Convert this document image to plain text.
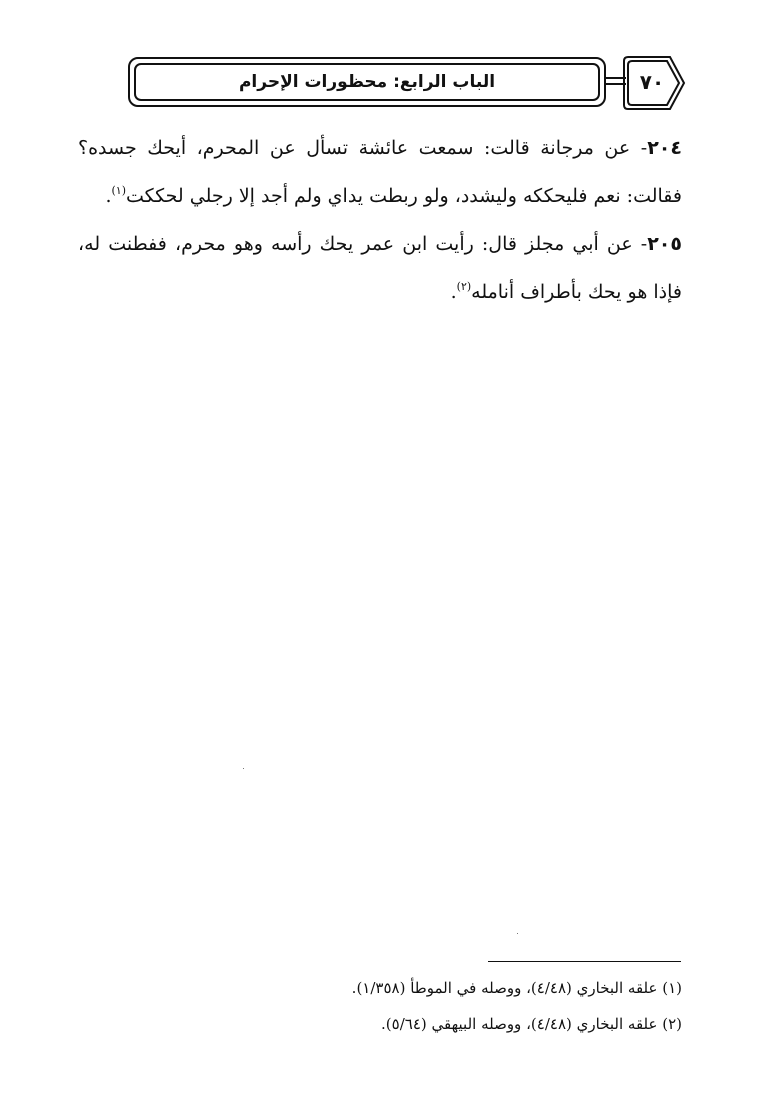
الباب الرابع: محظورات الإحرام	٧٠

٢٠٤- عن مرجانة قالت: سمعت عائشة تسأل عن المحرم، أيحك جسده؟ فقالت: نعم فليحككه وليشدد، ولو ربطت يداي ولم أجد إلا رجلي لحككت$^{(١)}$.

٢٠٥- عن أبي مجلز قال: رأيت ابن عمر يحك رأسه وهو محرم، ففطنت له، فإذا هو يحك بأطراف أنامله$^{(٢)}$.

(١) علقه البخاري (٤/٤٨)، ووصله في الموطأ (١/٣٥٨).

(٢) علقه البخاري (٤/٤٨)، ووصله البيهقي (٥/٦٤).
